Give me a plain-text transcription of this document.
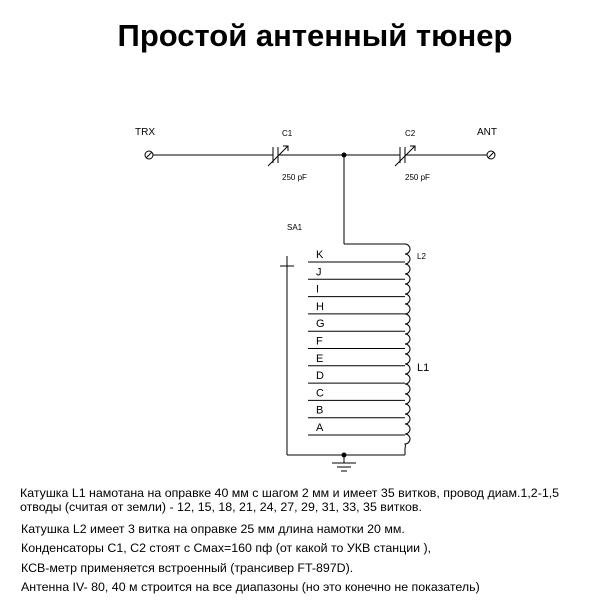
Простой антенный тюнер
K
J
I
H
G
F
E
D
C
B
A
TRX	ANT
C1
250 pF
C2
250 pF
SA1
L2
L1
Катушка L1 намотана на оправке 40 мм с шагом 2 мм и имеет 35 витков, провод диам.1,2-1,5
отводы (считая от земли) - 12, 15, 18, 21, 24, 27, 29, 31, 33, 35 витков.
Катушка L2 имеет 3 витка на оправке 25 мм длина намотки 20 мм.
Конденсаторы C1, C2 стоят с Cмах=160 пф (от какой то УКВ станции ),
КСВ-метр применяется встроенный (трансивер FT-897D).
Антенна IV- 80, 40 м строится на все диапазоны (но это конечно не показатель)
